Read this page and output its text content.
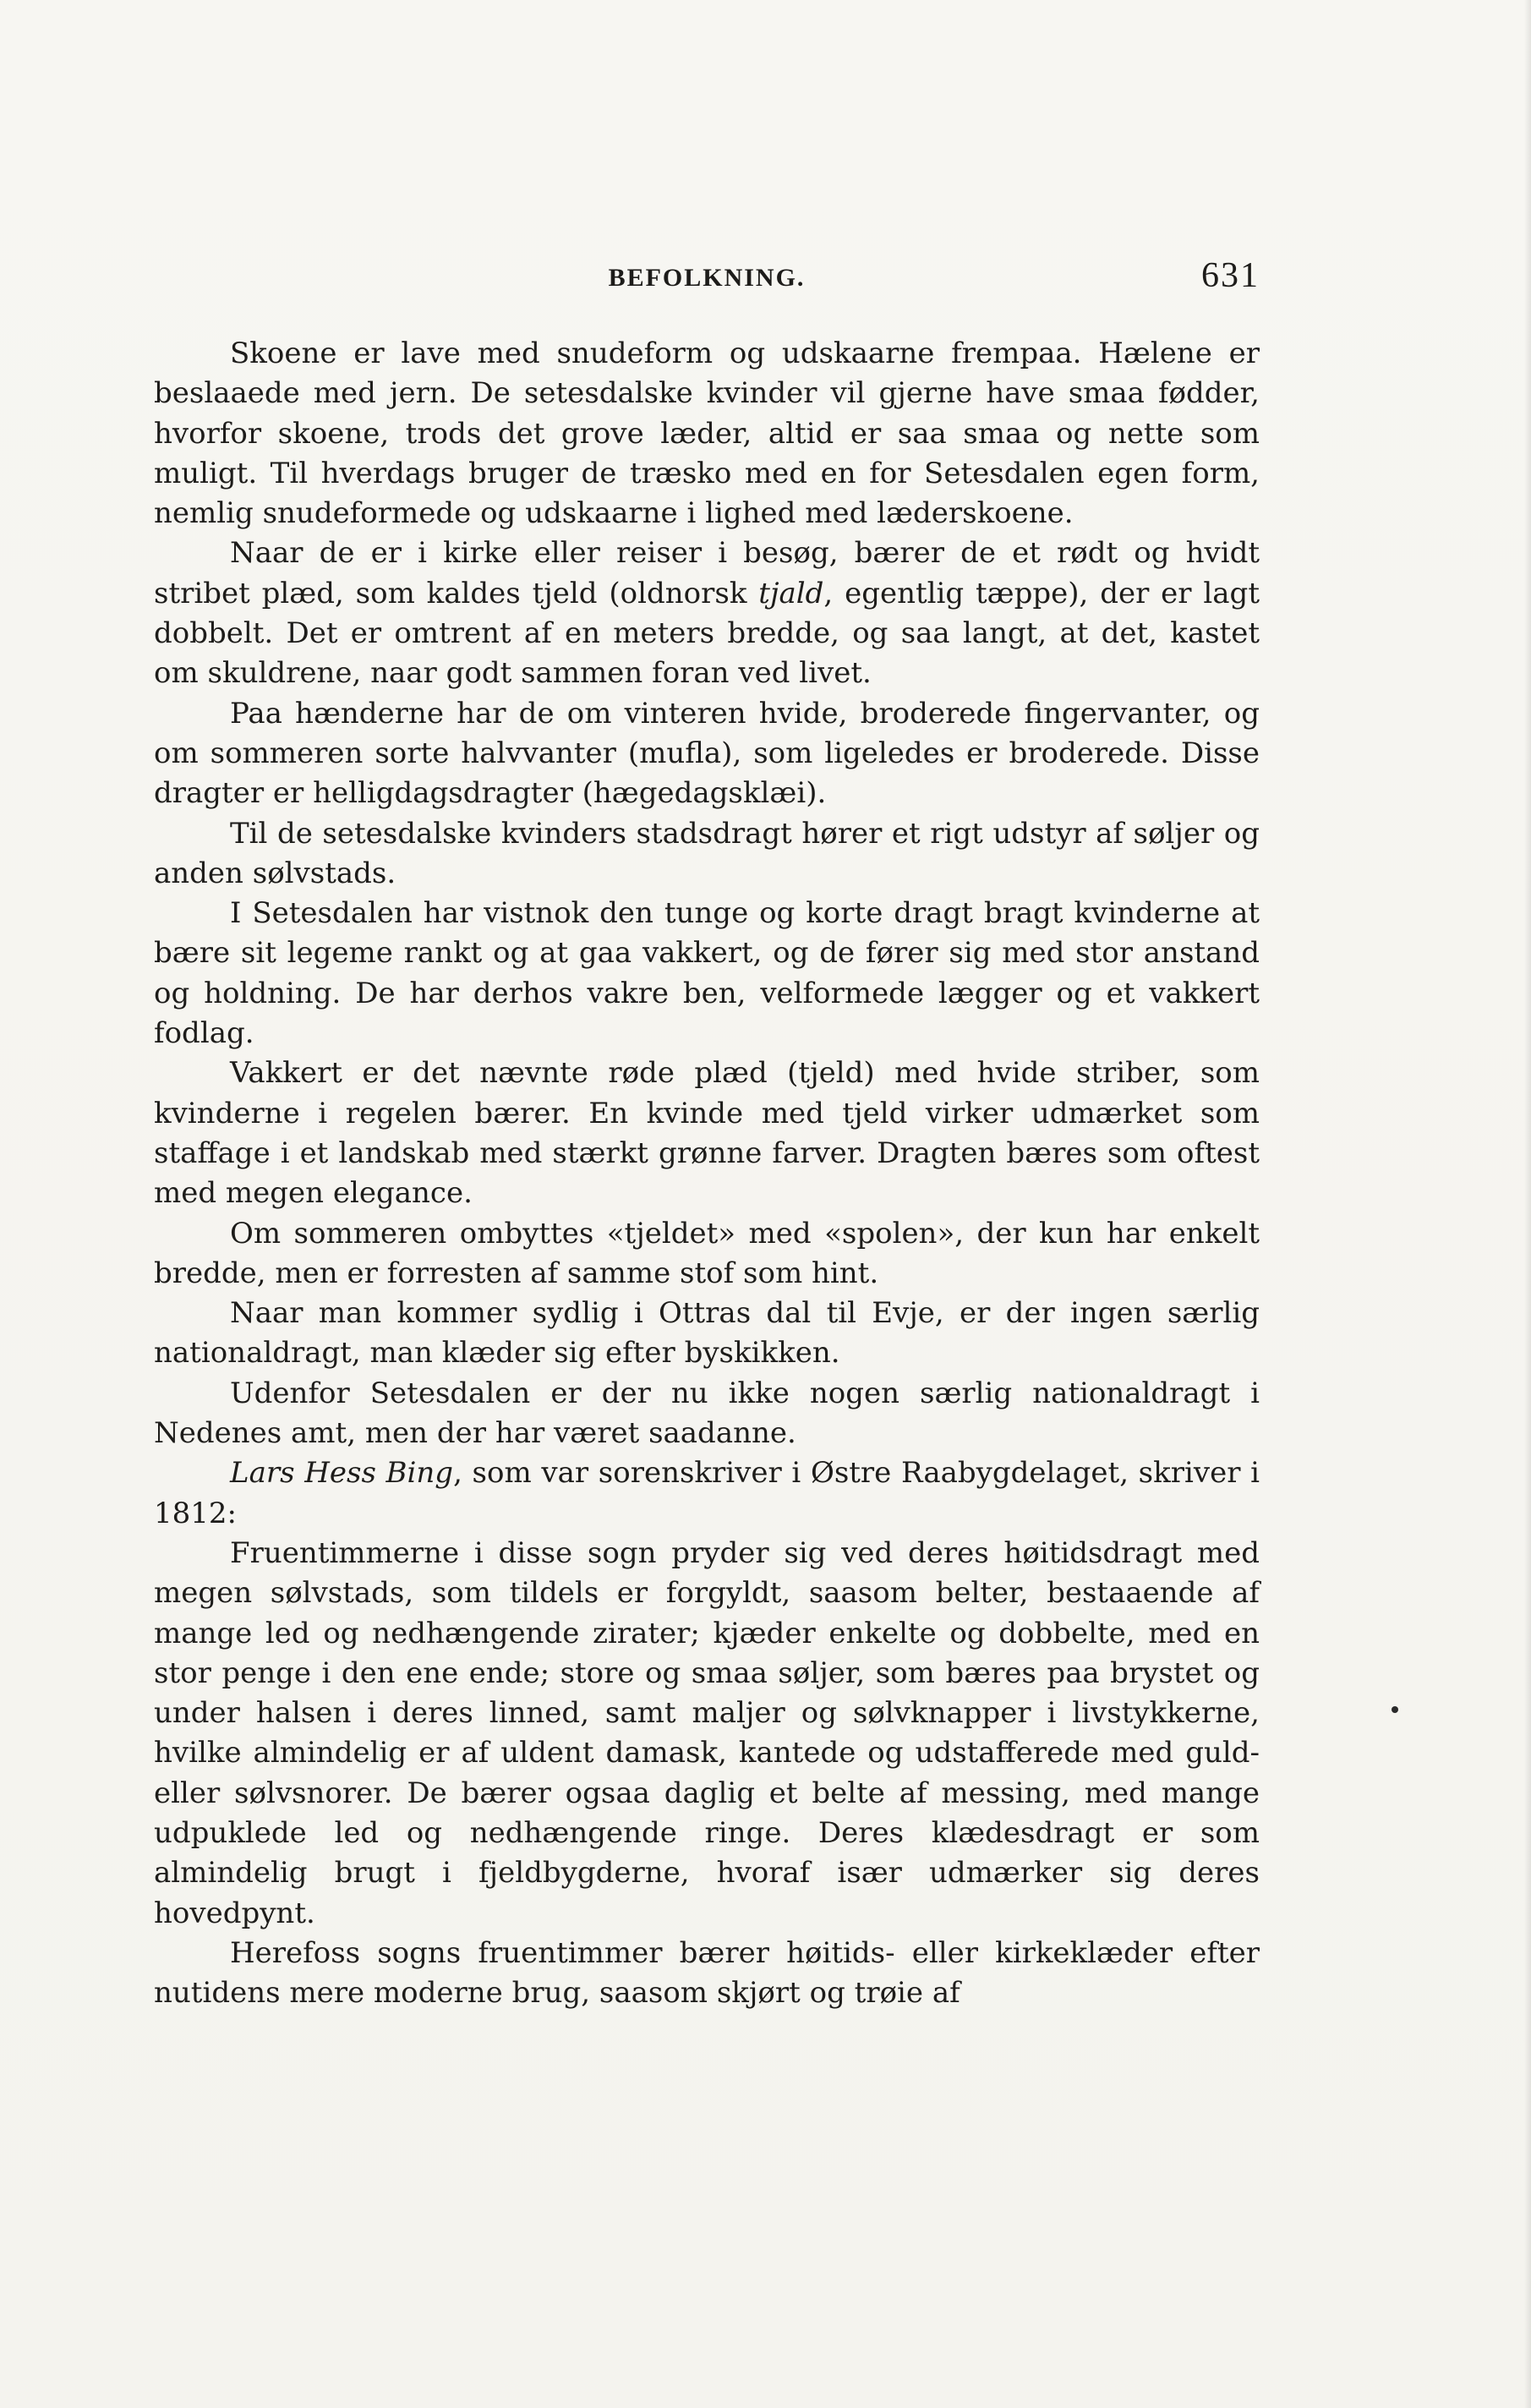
BEFOLKNING.	631

Skoene er lave med snudeform og udskaarne frempaa. Hælene er beslaaede med jern. De setesdalske kvinder vil gjerne have smaa fødder, hvorfor skoene, trods det grove læder, altid er saa smaa og nette som muligt. Til hverdags bruger de træsko med en for Setesdalen egen form, nemlig snudeformede og udskaarne i lighed med læderskoene.

Naar de er i kirke eller reiser i besøg, bærer de et rødt og hvidt stribet plæd, som kaldes tjeld (oldnorsk tjald, egentlig tæppe), der er lagt dobbelt. Det er omtrent af en meters bredde, og saa langt, at det, kastet om skuldrene, naar godt sammen foran ved livet.

Paa hænderne har de om vinteren hvide, broderede fingervanter, og om sommeren sorte halvvanter (mufla), som ligeledes er broderede. Disse dragter er helligdagsdragter (hægedagsklæi).

Til de setesdalske kvinders stadsdragt hører et rigt udstyr af søljer og anden sølvstads.

I Setesdalen har vistnok den tunge og korte dragt bragt kvinderne at bære sit legeme rankt og at gaa vakkert, og de fører sig med stor anstand og holdning. De har derhos vakre ben, velformede lægger og et vakkert fodlag.

Vakkert er det nævnte røde plæd (tjeld) med hvide striber, som kvinderne i regelen bærer. En kvinde med tjeld virker udmærket som staffage i et landskab med stærkt grønne farver. Dragten bæres som oftest med megen elegance.

Om sommeren ombyttes «tjeldet» med «spolen», der kun har enkelt bredde, men er forresten af samme stof som hint.

Naar man kommer sydlig i Ottras dal til Evje, er der ingen særlig nationaldragt, man klæder sig efter byskikken.

Udenfor Setesdalen er der nu ikke nogen særlig nationaldragt i Nedenes amt, men der har været saadanne.

Lars Hess Bing, som var sorenskriver i Østre Raabygdelaget, skriver i 1812:

Fruentimmerne i disse sogn pryder sig ved deres høitidsdragt med megen sølvstads, som tildels er forgyldt, saasom belter, bestaaende af mange led og nedhængende zirater; kjæder enkelte og dobbelte, med en stor penge i den ene ende; store og smaa søljer, som bæres paa brystet og under halsen i deres linned, samt maljer og sølvknapper i livstykkerne, hvilke almindelig er af uldent damask, kantede og udstafferede med guld- eller sølvsnorer. De bærer ogsaa daglig et belte af messing, med mange udpuklede led og nedhængende ringe. Deres klædesdragt er som almindelig brugt i fjeldbygderne, hvoraf især udmærker sig deres hovedpynt.

Herefoss sogns fruentimmer bærer høitids- eller kirkeklæder efter nutidens mere moderne brug, saasom skjørt og trøie af
